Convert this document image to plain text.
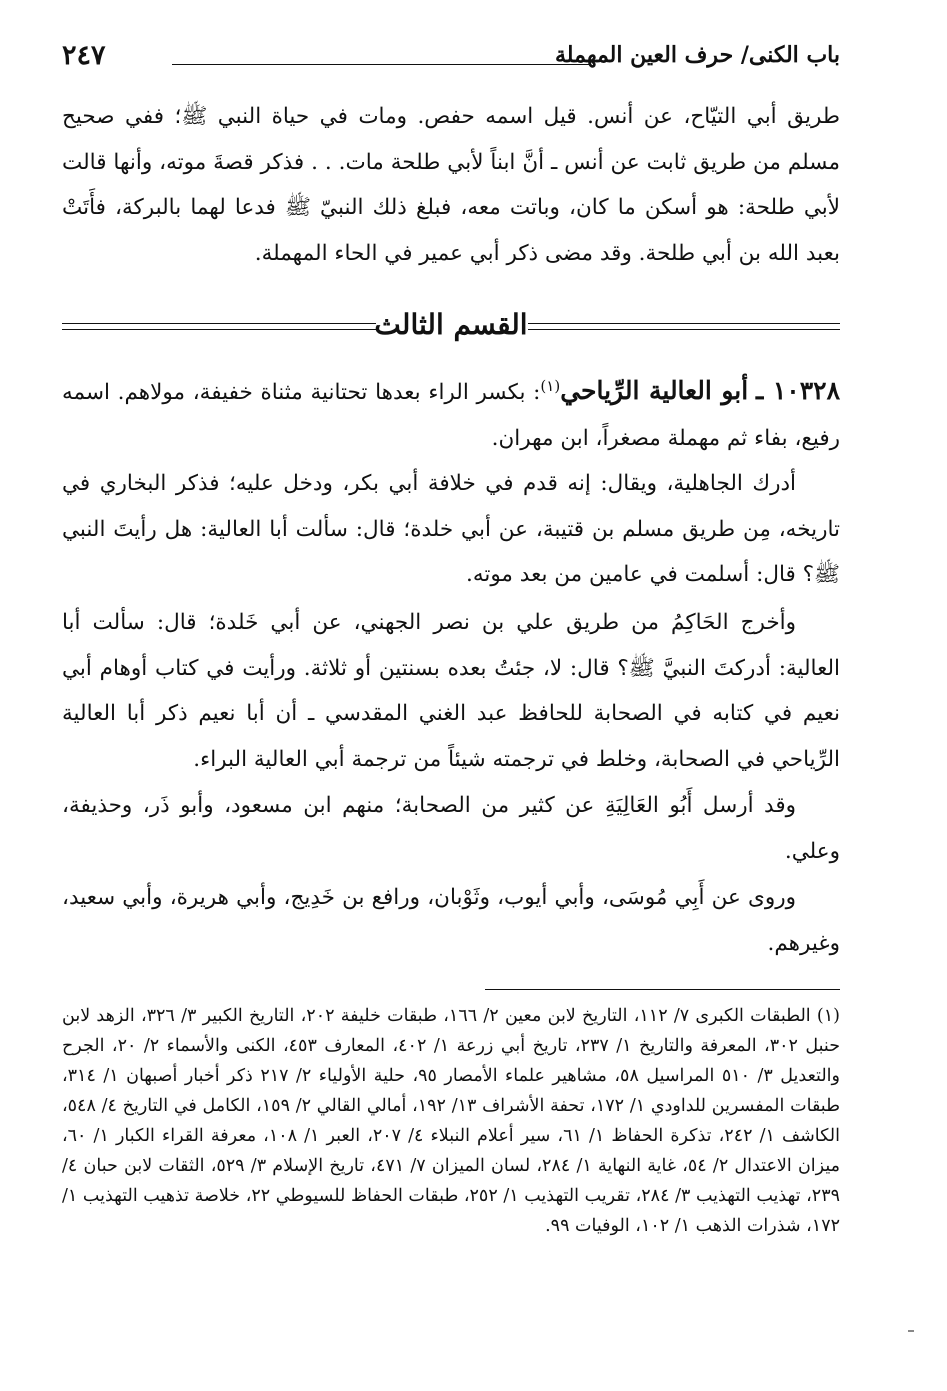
باب الكنى/ حرف العين المهملة
٢٤٧

طريق أبي التيّاح، عن أنس. قيل اسمه حفص. ومات في حياة النبي ﷺ؛ ففي صحيح مسلم من طريق ثابت عن أنس ـ أنَّ ابناً لأبي طلحة مات. . . فذكر قصةَ موته، وأنها قالت لأبي طلحة: هو أسكن ما كان، وباتت معه، فبلغ ذلك النبيّ ﷺ فدعا لهما بالبركة، فأَتَتْ بعبد الله بن أبي طلحة. وقد مضى ذكر أبي عمير في الحاء المهملة.

القسم الثالث

١٠٣٢٨ ـ أبو العالية الرِّياحي$^{(١)}$: بكسر الراء بعدها تحتانية مثناة خفيفة، مولاهم. اسمه رفيع، بفاء ثم مهملة مصغراً، ابن مهران.

أدرك الجاهلية، ويقال: إنه قدم في خلافة أبي بكر، ودخل عليه؛ فذكر البخاري في تاريخه، مِن طريق مسلم بن قتيبة، عن أبي خلدة؛ قال: سألت أبا العالية: هل رأيتَ النبي ﷺ؟ قال: أسلمت في عامين من بعد موته.

وأخرج الحَاكِمُ من طريق علي بن نصر الجهني، عن أبي خَلدة؛ قال: سألت أبا العالية: أدركتَ النبيَّ ﷺ؟ قال: لا، جئتُ بعده بسنتين أو ثلاثة. ورأيت في كتاب أوهام أبي نعيم في كتابه في الصحابة للحافظ عبد الغني المقدسي ـ أن أبا نعيم ذكر أبا العالية الرِّياحي في الصحابة، وخلط في ترجمته شيئاً من ترجمة أبي العالية البراء.

وقد أرسل أَبُو العَالِيَةِ عن كثير من الصحابة؛ منهم ابن مسعود، وأبو ذَر، وحذيفة، وعلي.

وروى عن أَبِي مُوسَى، وأبي أيوب، وثَوْبان، ورافع بن خَدِيج، وأبي هريرة، وأبي سعيد، وغيرهم.

(١) الطبقات الكبرى ٧/ ١١٢، التاريخ لابن معين ٢/ ١٦٦، طبقات خليفة ٢٠٢، التاريخ الكبير ٣/ ٣٢٦، الزهد لابن حنبل ٣٠٢، المعرفة والتاريخ ١/ ٢٣٧، تاريخ أبي زرعة ١/ ٤٠٢، المعارف ٤٥٣، الكنى والأسماء ٢/ ٢٠، الجرح والتعديل ٣/ ٥١٠ المراسيل ٥٨، مشاهير علماء الأمصار ٩٥، حلية الأولياء ٢/ ٢١٧ ذكر أخبار أصبهان ١/ ٣١٤، طبقات المفسرين للداودي ١/ ١٧٢، تحفة الأشراف ١٣/ ١٩٢، أمالي القالي ٢/ ١٥٩، الكامل في التاريخ ٤/ ٥٤٨، الكاشف ١/ ٢٤٢، تذكرة الحفاظ ١/ ٦١، سير أعلام النبلاء ٤/ ٢٠٧، العبر ١/ ١٠٨، معرفة القراء الكبار ١/ ٦٠، ميزان الاعتدال ٢/ ٥٤، غاية النهاية ١/ ٢٨٤، لسان الميزان ٧/ ٤٧١، تاريخ الإسلام ٣/ ٥٢٩، الثقات لابن حبان ٤/ ٢٣٩، تهذيب التهذيب ٣/ ٢٨٤، تقريب التهذيب ١/ ٢٥٢، طبقات الحفاظ للسيوطي ٢٢، خلاصة تذهيب التهذيب ١/ ١٧٢، شذرات الذهب ١/ ١٠٢، الوفيات ٩٩.
